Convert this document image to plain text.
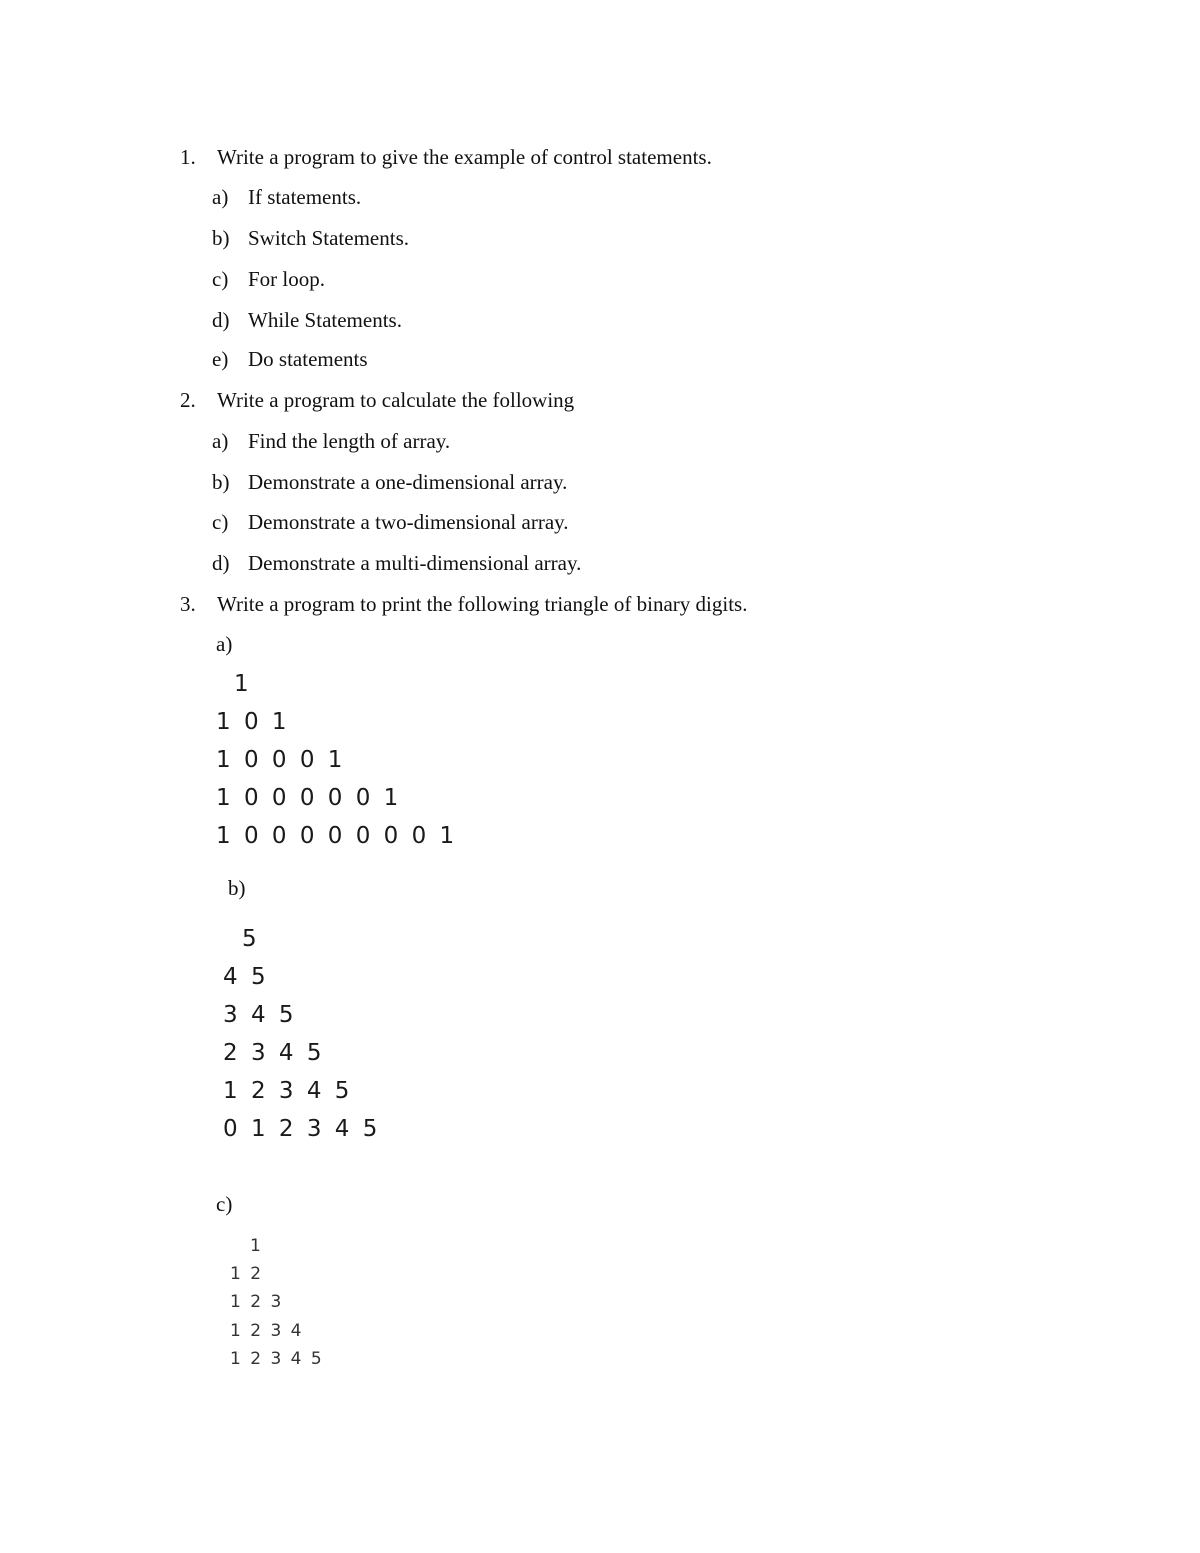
1. Write a program to give the example of control statements.
a) If statements.
b) Switch Statements.
c) For loop.
d) While Statements.
e) Do statements
2. Write a program to calculate the following
a) Find the length of array.
b) Demonstrate a one-dimensional array.
c) Demonstrate a two-dimensional array.
d) Demonstrate a multi-dimensional array.
3. Write a program to print the following triangle of binary digits.
a)
1
1 0 1
1 0 0 0 1
1 0 0 0 0 0 1
1 0 0 0 0 0 0 0 1
b)
5
4 5
3 4 5
2 3 4 5
1 2 3 4 5
0 1 2 3 4 5
c)
1
1 2
1 2 3
1 2 3 4
1 2 3 4 5
